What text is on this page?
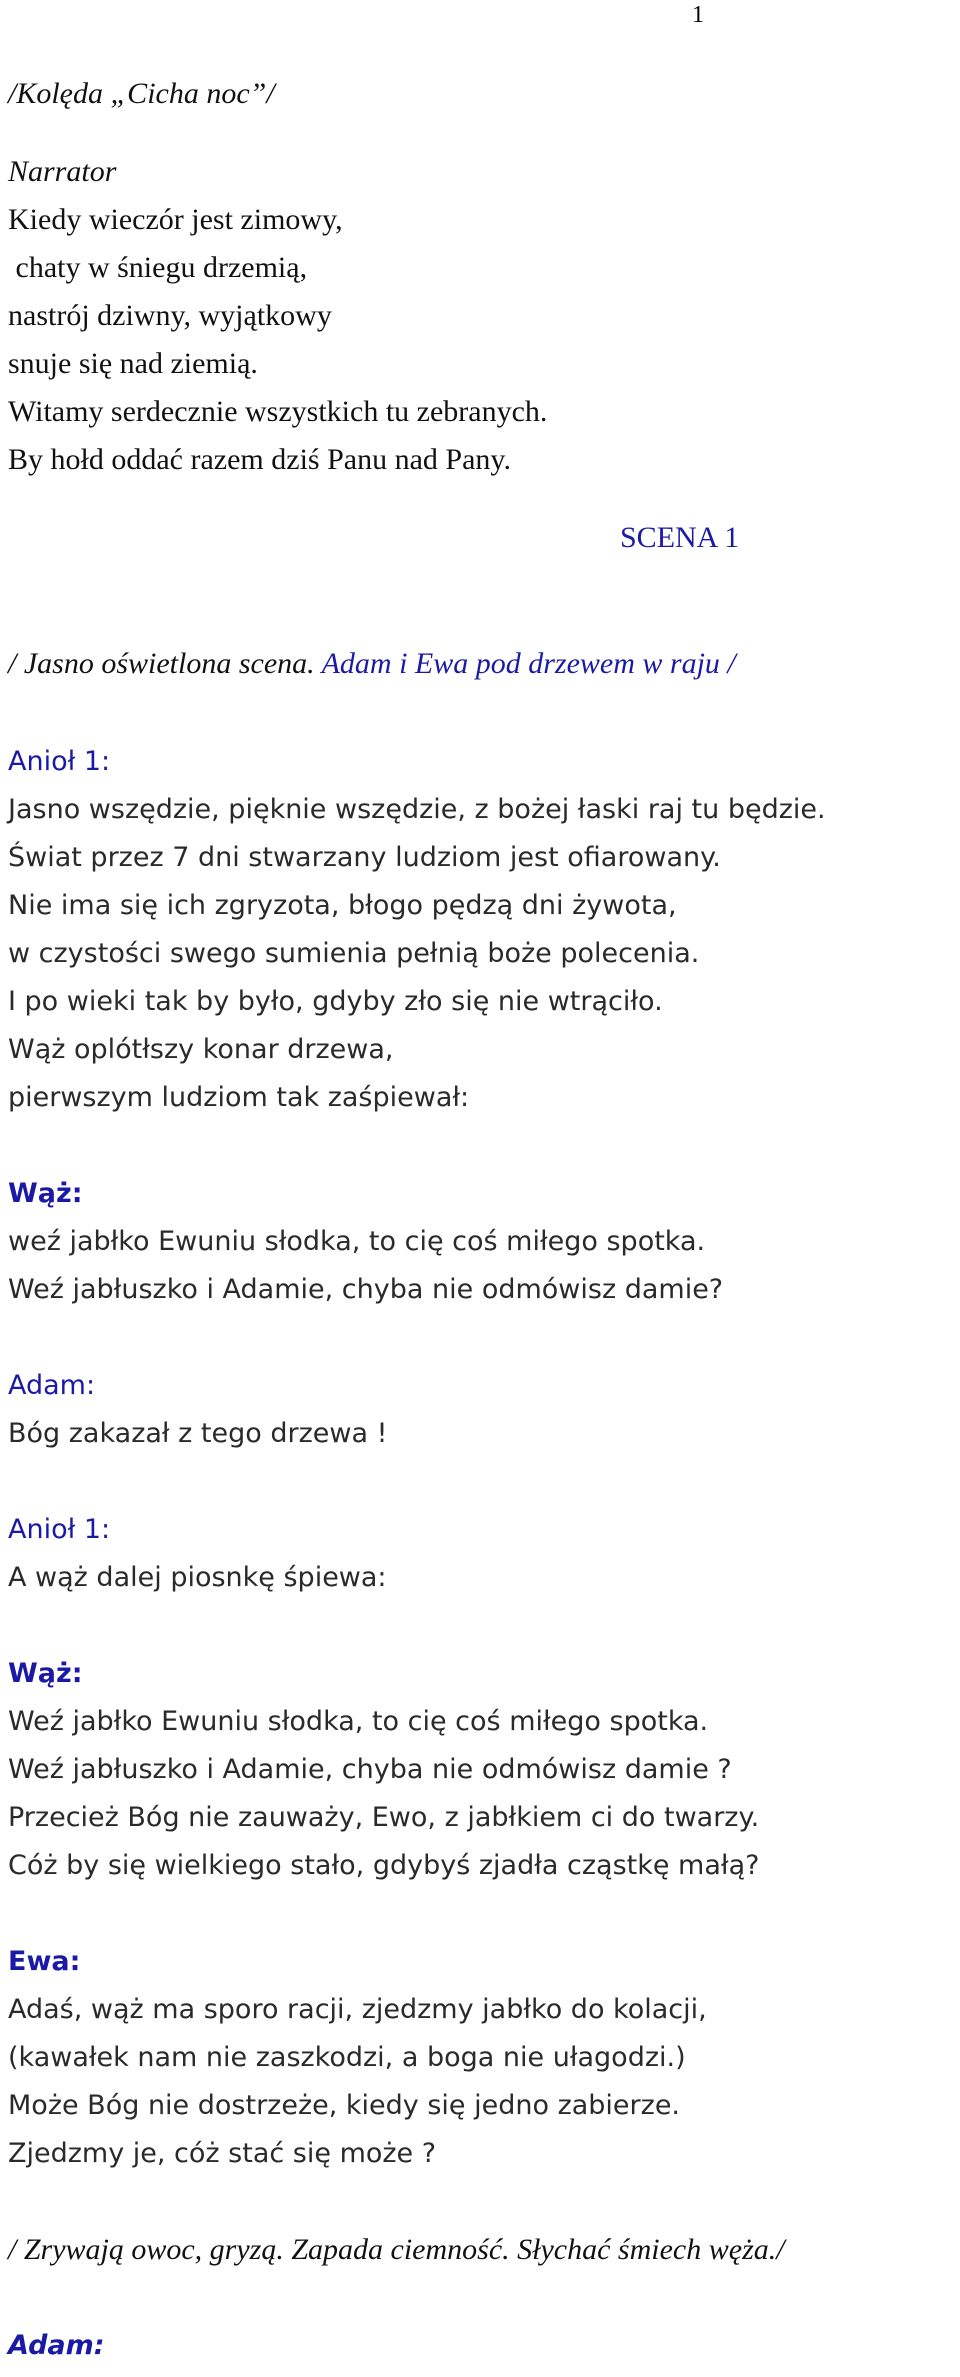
1
/Kolęda „Cicha noc”/
Narrator
Kiedy wieczór jest zimowy,
chaty w śniegu drzemią,
nastrój dziwny, wyjątkowy
snuje się nad ziemią.
Witamy serdecznie wszystkich tu zebranych.
By hołd oddać razem dziś Panu nad Pany.
SCENA 1
/ Jasno oświetlona scena. Adam i Ewa pod drzewem w raju /
Anioł 1:
Jasno wszędzie, pięknie wszędzie, z bożej łaski raj tu będzie.
Świat przez 7 dni stwarzany ludziom jest ofiarowany.
Nie ima się ich zgryzota, błogo pędzą dni żywota,
w czystości swego sumienia pełnią boże polecenia.
I po wieki tak by było, gdyby zło się nie wtrąciło.
Wąż oplótłszy konar drzewa,
pierwszym ludziom tak zaśpiewał:
Wąż:
weź jabłko Ewuniu słodka, to cię coś miłego spotka.
Weź jabłuszko i Adamie, chyba nie odmówisz damie?
Adam:
Bóg zakazał z tego drzewa !
Anioł 1:
A wąż dalej piosnkę śpiewa:
Wąż:
Weź jabłko Ewuniu słodka, to cię coś miłego spotka.
Weź jabłuszko i Adamie, chyba nie odmówisz damie ?
Przecież Bóg nie zauważy, Ewo, z jabłkiem ci do twarzy.
Cóż by się wielkiego stało, gdybyś zjadła cząstkę małą?
Ewa:
Adaś, wąż ma sporo racji, zjedzmy jabłko do kolacji,
(kawałek nam nie zaszkodzi, a boga nie ułagodzi.)
Może Bóg nie dostrzeże, kiedy się jedno zabierze.
Zjedzmy je, cóż stać się może ?
/ Zrywają owoc, gryzą. Zapada ciemność. Słychać śmiech węża./
Adam:
